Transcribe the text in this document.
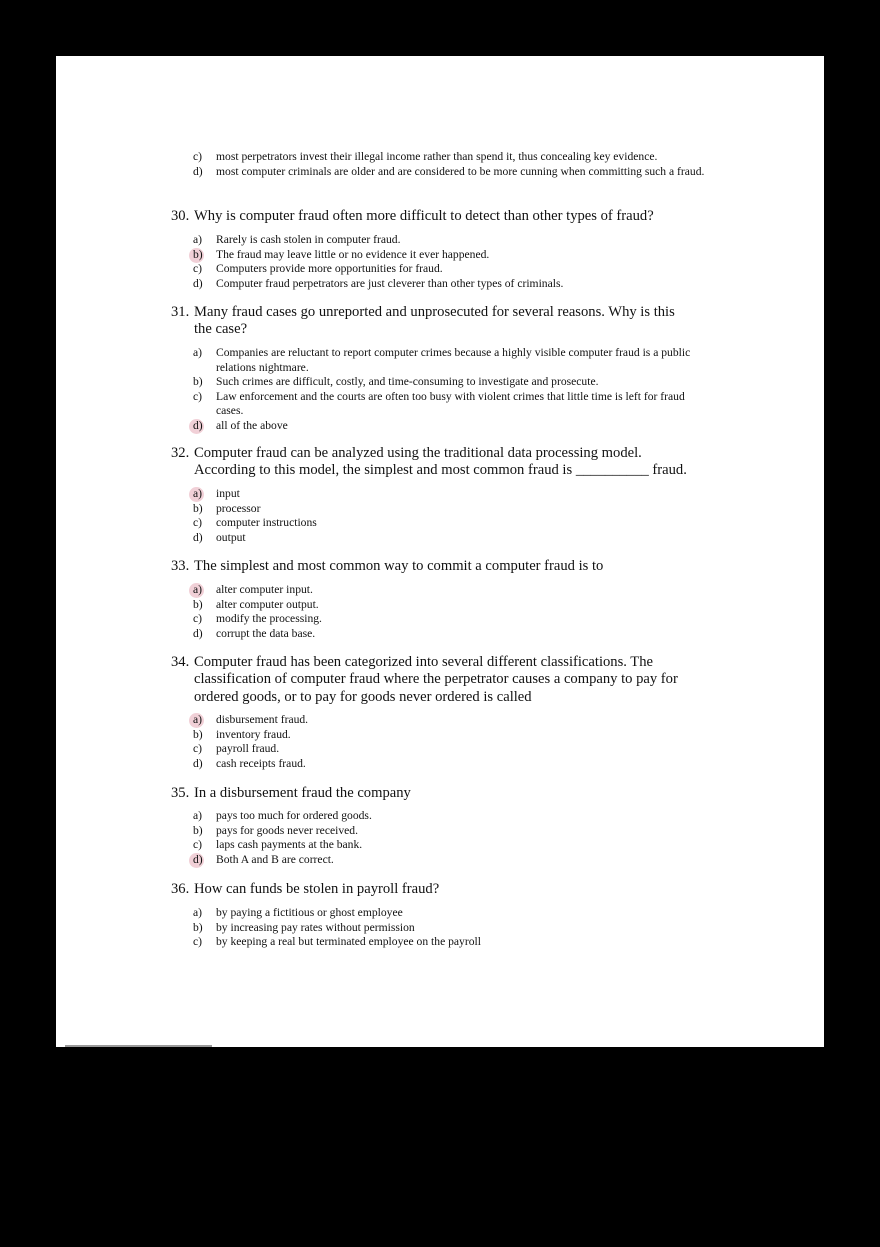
c) most perpetrators invest their illegal income rather than spend it, thus concealing key evidence.
d) most computer criminals are older and are considered to be more cunning when committing such a fraud.
30. Why is computer fraud often more difficult to detect than other types of fraud?
a) Rarely is cash stolen in computer fraud.
b) The fraud may leave little or no evidence it ever happened.
c) Computers provide more opportunities for fraud.
d) Computer fraud perpetrators are just cleverer than other types of criminals.
31. Many fraud cases go unreported and unprosecuted for several reasons. Why is this the case?
a) Companies are reluctant to report computer crimes because a highly visible computer fraud is a public relations nightmare.
b) Such crimes are difficult, costly, and time-consuming to investigate and prosecute.
c) Law enforcement and the courts are often too busy with violent crimes that little time is left for fraud cases.
d) all of the above
32. Computer fraud can be analyzed using the traditional data processing model. According to this model, the simplest and most common fraud is __________ fraud.
a) input
b) processor
c) computer instructions
d) output
33. The simplest and most common way to commit a computer fraud is to
a) alter computer input.
b) alter computer output.
c) modify the processing.
d) corrupt the data base.
34. Computer fraud has been categorized into several different classifications. The classification of computer fraud where the perpetrator causes a company to pay for ordered goods, or to pay for goods never ordered is called
a) disbursement fraud.
b) inventory fraud.
c) payroll fraud.
d) cash receipts fraud.
35. In a disbursement fraud the company
a) pays too much for ordered goods.
b) pays for goods never received.
c) laps cash payments at the bank.
d) Both A and B are correct.
36. How can funds be stolen in payroll fraud?
a) by paying a fictitious or ghost employee
b) by increasing pay rates without permission
c) by keeping a real but terminated employee on the payroll
